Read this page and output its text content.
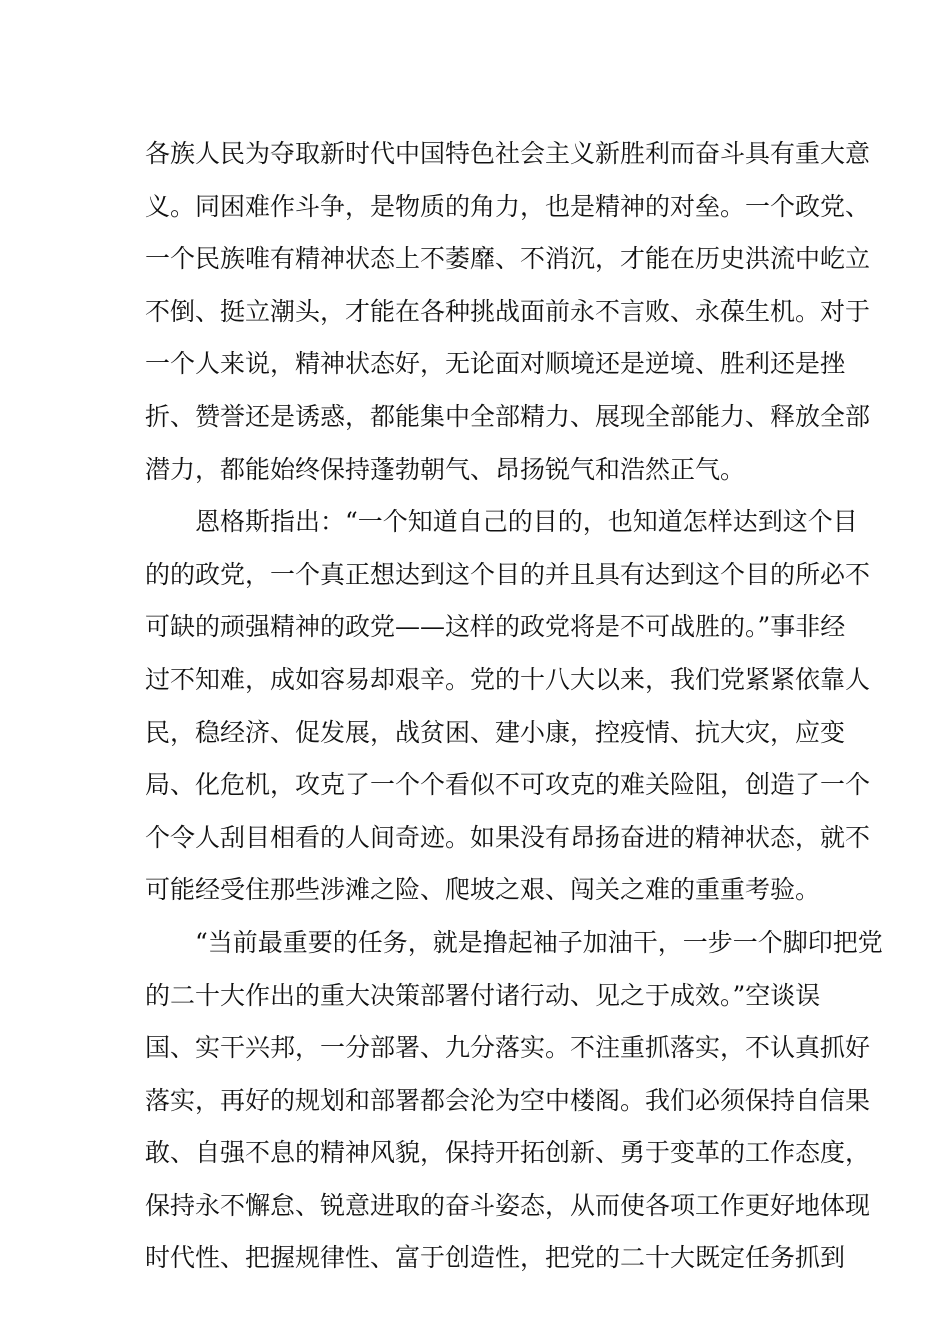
各族人民为夺取新时代中国特色社会主义新胜利而奋斗具有重大意
义。同困难作斗争，是物质的角力，也是精神的对垒。一个政党、
一个民族唯有精神状态上不萎靡、不消沉，才能在历史洪流中屹立
不倒、挺立潮头，才能在各种挑战面前永不言败、永葆生机。对于
一个人来说，精神状态好，无论面对顺境还是逆境、胜利还是挫
折、赞誉还是诱惑，都能集中全部精力、展现全部能力、释放全部
潜力，都能始终保持蓬勃朝气、昂扬锐气和浩然正气。
恩格斯指出：“一个知道自己的目的，也知道怎样达到这个目
的的政党，一个真正想达到这个目的并且具有达到这个目的所必不
可缺的顽强精神的政党——这样的政党将是不可战胜的。”事非经
过不知难，成如容易却艰辛。党的十八大以来，我们党紧紧依靠人
民，稳经济、促发展，战贫困、建小康，控疫情、抗大灾，应变
局、化危机，攻克了一个个看似不可攻克的难关险阻，创造了一个
个令人刮目相看的人间奇迹。如果没有昂扬奋进的精神状态，就不
可能经受住那些涉滩之险、爬坡之艰、闯关之难的重重考验。
“当前最重要的任务，就是撸起袖子加油干，一步一个脚印把党
的二十大作出的重大决策部署付诸行动、见之于成效。”空谈误
国、实干兴邦，一分部署、九分落实。不注重抓落实，不认真抓好
落实，再好的规划和部署都会沦为空中楼阁。我们必须保持自信果
敢、自强不息的精神风貌，保持开拓创新、勇于变革的工作态度，
保持永不懈怠、锐意进取的奋斗姿态，从而使各项工作更好地体现
时代性、把握规律性、富于创造性，把党的二十大既定任务抓到
